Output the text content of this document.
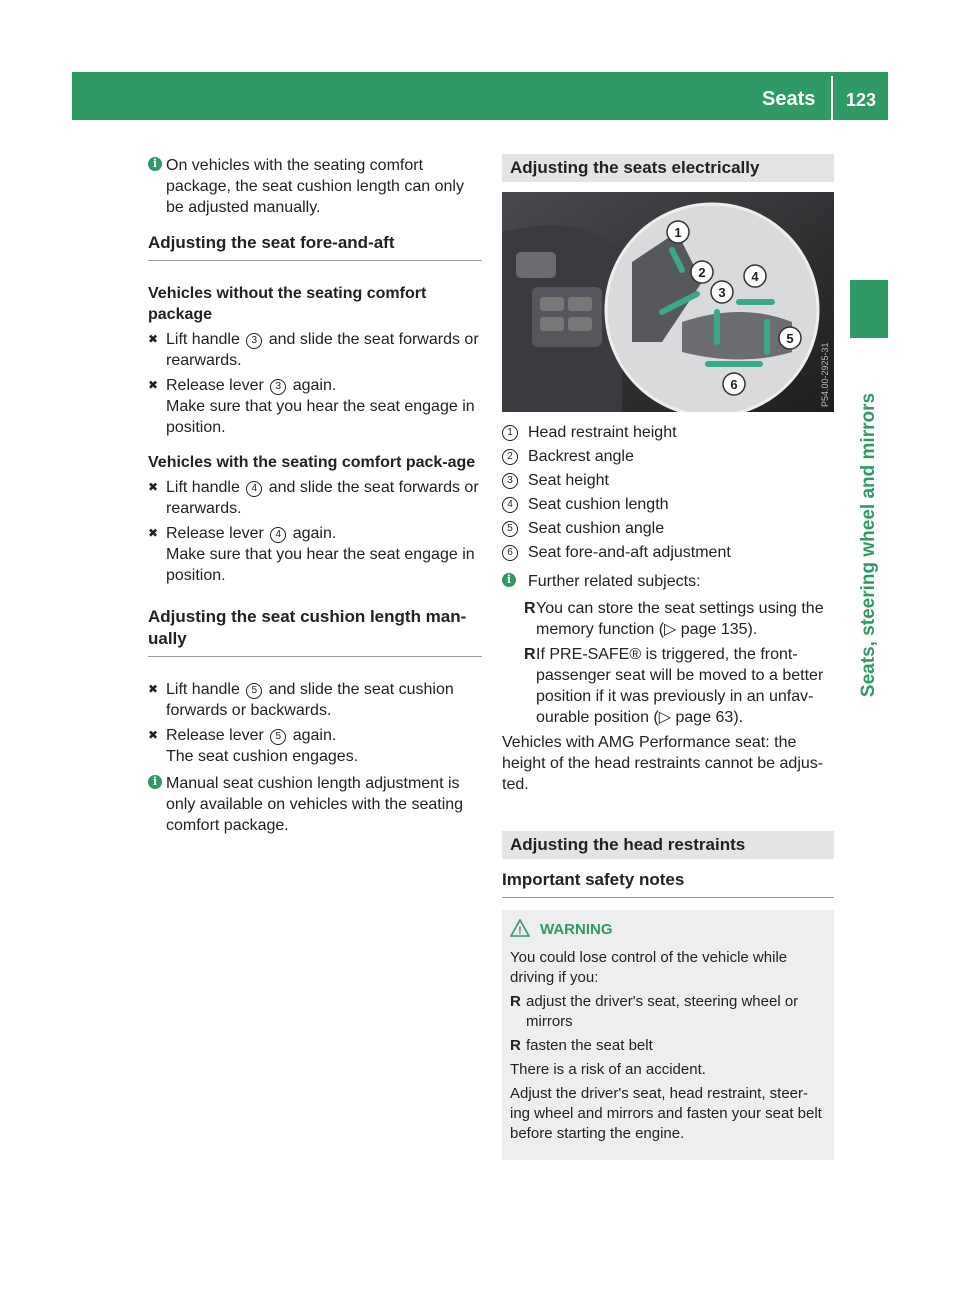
Seats 123
Seats, steering wheel and mirrors
i On vehicles with the seating comfort package, the seat cushion length can only be adjusted manually.
Adjusting the seat fore-and-aft
Vehicles without the seating comfort package
✖ Lift handle 3 and slide the seat forwards or rearwards.
✖ Release lever 3 again.
Make sure that you hear the seat engage in position.
Vehicles with the seating comfort pack-age
✖ Lift handle 4 and slide the seat forwards or rearwards.
✖ Release lever 4 again.
Make sure that you hear the seat engage in position.
Adjusting the seat cushion length man-ually
✖ Lift handle 5 and slide the seat cushion forwards or backwards.
✖ Release lever 5 again.
The seat cushion engages.
i Manual seat cushion length adjustment is only available on vehicles with the seating comfort package.
Adjusting the seats electrically
1
2
3
4
5
6	P54.00-2925-31
1 Head restraint height
2 Backrest angle
3 Seat height
4 Seat cushion length
5 Seat cushion angle
6 Seat fore-and-aft adjustment
i	Further related subjects:
R You can store the seat settings using the memory function (▷ page 135).
R If PRE-SAFE® is triggered, the front-passenger seat will be moved to a better position if it was previously in an unfav-ourable position (▷ page 63).
Vehicles with AMG Performance seat: the height of the head restraints cannot be adjus-ted.
Adjusting the head restraints
Important safety notes
! WARNING
You could lose control of the vehicle while driving if you:
R adjust the driver's seat, steering wheel or mirrors
R fasten the seat belt
There is a risk of an accident.
Adjust the driver's seat, head restraint, steer-ing wheel and mirrors and fasten your seat belt before starting the engine.
